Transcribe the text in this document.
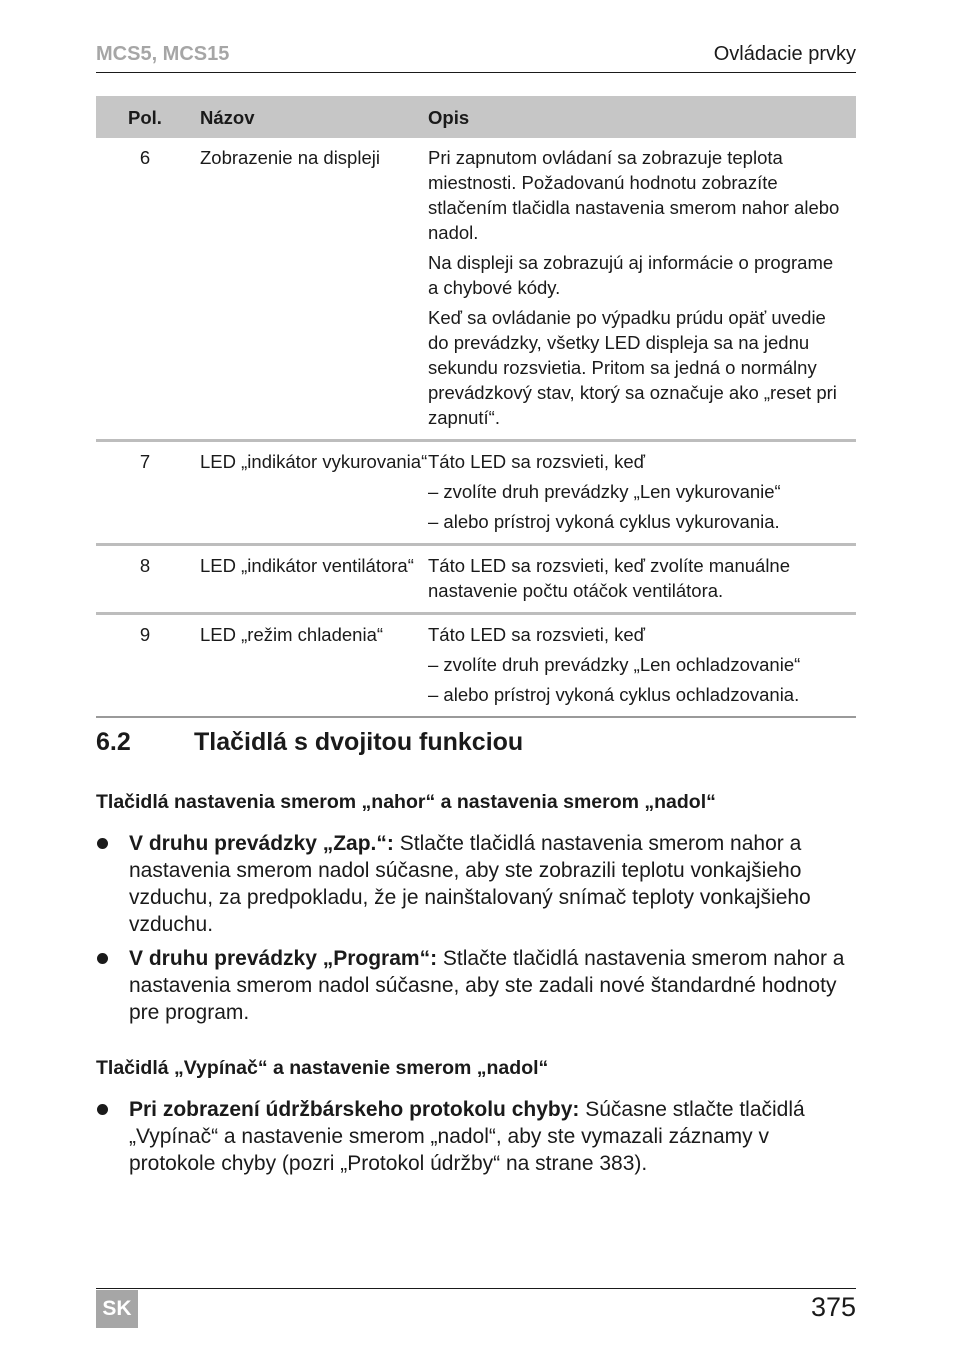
MCS5, MCS15	Ovládacie prvky
Pol.	Názov	Opis
6	Zobrazenie na displeji	Pri zapnutom ovládaní sa zobrazuje teplota miestnosti. Požadovanú hodnotu zobrazíte stlačením tlačidla nastavenia smerom nahor alebo nadol.

Na displeji sa zobrazujú aj informácie o programe a chybové kódy.

Keď sa ovládanie po výpadku prúdu opäť uvedie do prevádzky, všetky LED displeja sa na jednu sekundu rozsvietia. Pritom sa jedná o normálny prevádzkový stav, ktorý sa označuje ako „reset pri zapnutí“.

7	LED „indikátor vykurovania“	Táto LED sa rozsvieti, keď

– zvolíte druh prevádzky „Len vykurovanie“

– alebo prístroj vykoná cyklus vykurovania.

8	LED „indikátor ventilátora“	Táto LED sa rozsvieti, keď zvolíte manuálne nastavenie počtu otáčok ventilátora.

9	LED „režim chladenia“	Táto LED sa rozsvieti, keď

– zvolíte druh prevádzky „Len ochladzovanie“

– alebo prístroj vykoná cyklus ochladzovania.

6.2	Tlačidlá s dvojitou funkciou
Tlačidlá nastavenia smerom „nahor“ a nastavenia smerom „nadol“
V druhu prevádzky „Zap.“: Stlačte tlačidlá nastavenia smerom nahor a nastavenia smerom nadol súčasne, aby ste zobrazili teplotu vonkajšieho vzduchu, za predpokladu, že je nainštalovaný snímač teploty vonkajšieho vzduchu.
V druhu prevádzky „Program“: Stlačte tlačidlá nastavenia smerom nahor a nastavenia smerom nadol súčasne, aby ste zadali nové štandardné hodnoty pre program.
Tlačidlá „Vypínač“ a nastavenie smerom „nadol“
Pri zobrazení údržbárskeho protokolu chyby: Súčasne stlačte tlačidlá „Vypínač“ a nastavenie smerom „nadol“, aby ste vymazali záznamy v protokole chyby (pozri „Protokol údržby“ na strane 383).
SK	375
